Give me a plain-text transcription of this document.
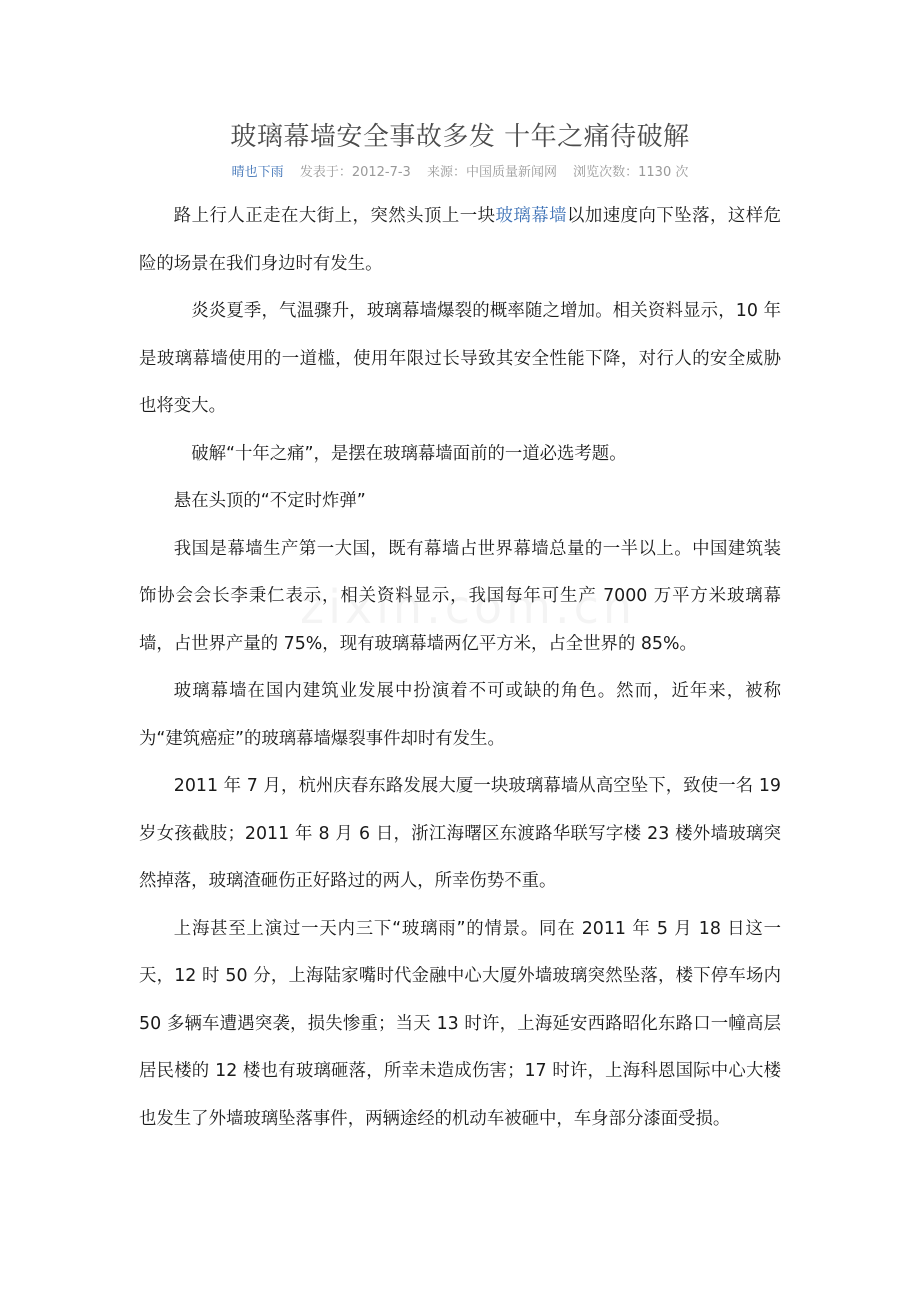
玻璃幕墙安全事故多发 十年之痛待破解
晴也下雨 发表于：2012-7-3 来源：中国质量新闻网 浏览次数：1130 次

路上行人正走在大街上，突然头顶上一块玻璃幕墙以加速度向下坠落，这样危险的场景在我们身边时有发生。

炎炎夏季，气温骤升，玻璃幕墙爆裂的概率随之增加。相关资料显示，10 年是玻璃幕墙使用的一道槛，使用年限过长导致其安全性能下降，对行人的安全威胁也将变大。

破解“十年之痛”，是摆在玻璃幕墙面前的一道必选考题。

悬在头顶的“不定时炸弹”

我国是幕墙生产第一大国，既有幕墙占世界幕墙总量的一半以上。中国建筑装饰协会会长李秉仁表示，相关资料显示，我国每年可生产 7000 万平方米玻璃幕墙，占世界产量的 75%，现有玻璃幕墙两亿平方米，占全世界的 85%。

玻璃幕墙在国内建筑业发展中扮演着不可或缺的角色。然而，近年来，被称为“建筑癌症”的玻璃幕墙爆裂事件却时有发生。

2011 年 7 月，杭州庆春东路发展大厦一块玻璃幕墙从高空坠下，致使一名 19 岁女孩截肢；2011 年 8 月 6 日，浙江海曙区东渡路华联写字楼 23 楼外墙玻璃突然掉落，玻璃渣砸伤正好路过的两人，所幸伤势不重。

上海甚至上演过一天内三下“玻璃雨”的情景。同在 2011 年 5 月 18 日这一天，12 时 50 分，上海陆家嘴时代金融中心大厦外墙玻璃突然坠落，楼下停车场内 50 多辆车遭遇突袭，损失惨重；当天 13 时许，上海延安西路昭化东路口一幢高层居民楼的 12 楼也有玻璃砸落，所幸未造成伤害；17 时许，上海科恩国际中心大楼也发生了外墙玻璃坠落事件，两辆途经的机动车被砸中，车身部分漆面受损。
